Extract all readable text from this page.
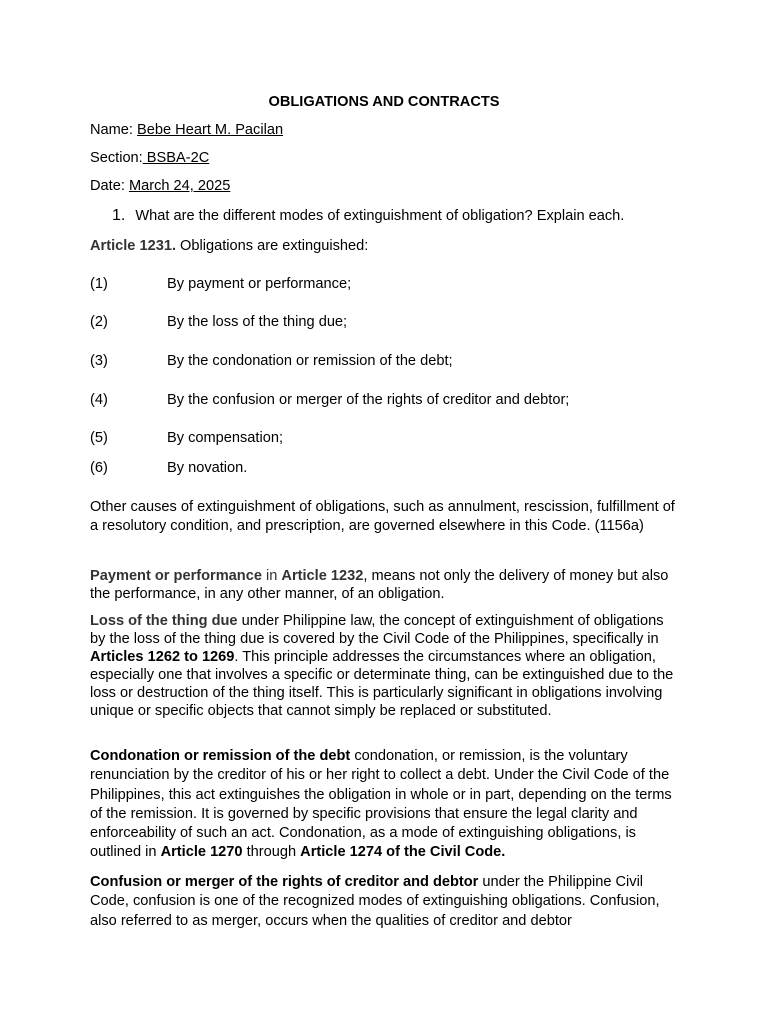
OBLIGATIONS AND CONTRACTS
Name: Bebe Heart M. Pacilan
Section: BSBA-2C
Date: March 24, 2025
1. What are the different modes of extinguishment of obligation? Explain each.
Article 1231. Obligations are extinguished:
(1)	By payment or performance;
(2)	By the loss of the thing due;
(3)	By the condonation or remission of the debt;
(4)	By the confusion or merger of the rights of creditor and debtor;
(5)	By compensation;
(6)	By novation.
Other causes of extinguishment of obligations, such as annulment, rescission, fulfillment of a resolutory condition, and prescription, are governed elsewhere in this Code. (1156a)
Payment or performance in Article 1232, means not only the delivery of money but also the performance, in any other manner, of an obligation.
Loss of the thing due under Philippine law, the concept of extinguishment of obligations by the loss of the thing due is covered by the Civil Code of the Philippines, specifically in Articles 1262 to 1269. This principle addresses the circumstances where an obligation, especially one that involves a specific or determinate thing, can be extinguished due to the loss or destruction of the thing itself. This is particularly significant in obligations involving unique or specific objects that cannot simply be replaced or substituted.
Condonation or remission of the debt condonation, or remission, is the voluntary renunciation by the creditor of his or her right to collect a debt. Under the Civil Code of the Philippines, this act extinguishes the obligation in whole or in part, depending on the terms of the remission. It is governed by specific provisions that ensure the legal clarity and enforceability of such an act. Condonation, as a mode of extinguishing obligations, is outlined in Article 1270 through Article 1274 of the Civil Code.
Confusion or merger of the rights of creditor and debtor under the Philippine Civil Code, confusion is one of the recognized modes of extinguishing obligations. Confusion, also referred to as merger, occurs when the qualities of creditor and debtor
